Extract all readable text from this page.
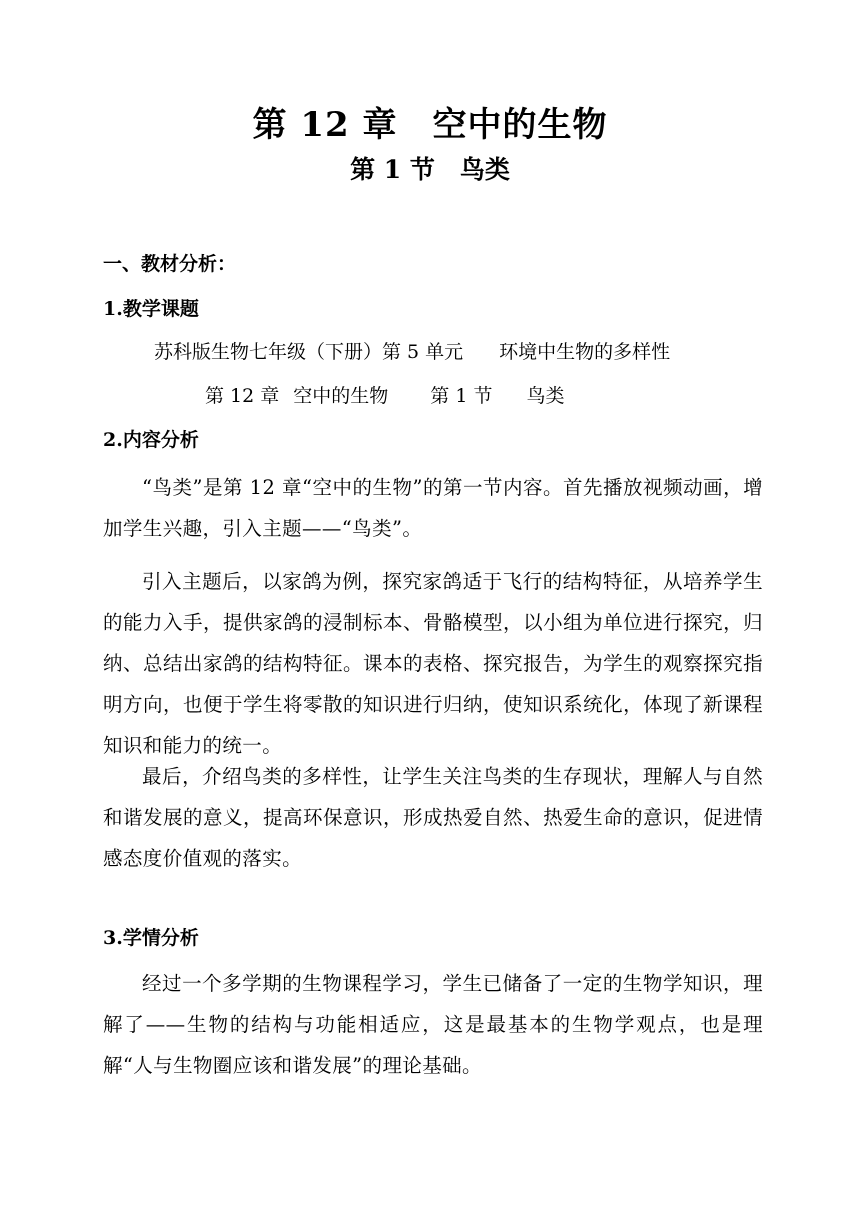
第 12 章　空中的生物
第 1 节　鸟类
一、教材分析：
1.教学课题
苏科版生物七年级（下册）第 5 单元 环境中生物的多样性
第 12 章 空中的生物 第 1 节 鸟类
2.内容分析

“鸟类”是第 12 章“空中的生物”的第一节内容。首先播放视频动画，增加学生兴趣，引入主题——“鸟类”。

引入主题后，以家鸽为例，探究家鸽适于飞行的结构特征，从培养学生的能力入手，提供家鸽的浸制标本、骨骼模型，以小组为单位进行探究，归纳、总结出家鸽的结构特征。课本的表格、探究报告，为学生的观察探究指明方向，也便于学生将零散的知识进行归纳，使知识系统化，体现了新课程知识和能力的统一。

最后，介绍鸟类的多样性，让学生关注鸟类的生存现状，理解人与自然和谐发展的意义，提高环保意识，形成热爱自然、热爱生命的意识，促进情感态度价值观的落实。

3.学情分析

经过一个多学期的生物课程学习，学生已储备了一定的生物学知识，理解了——生物的结构与功能相适应，这是最基本的生物学观点，也是理解“人与生物圈应该和谐发展”的理论基础。
